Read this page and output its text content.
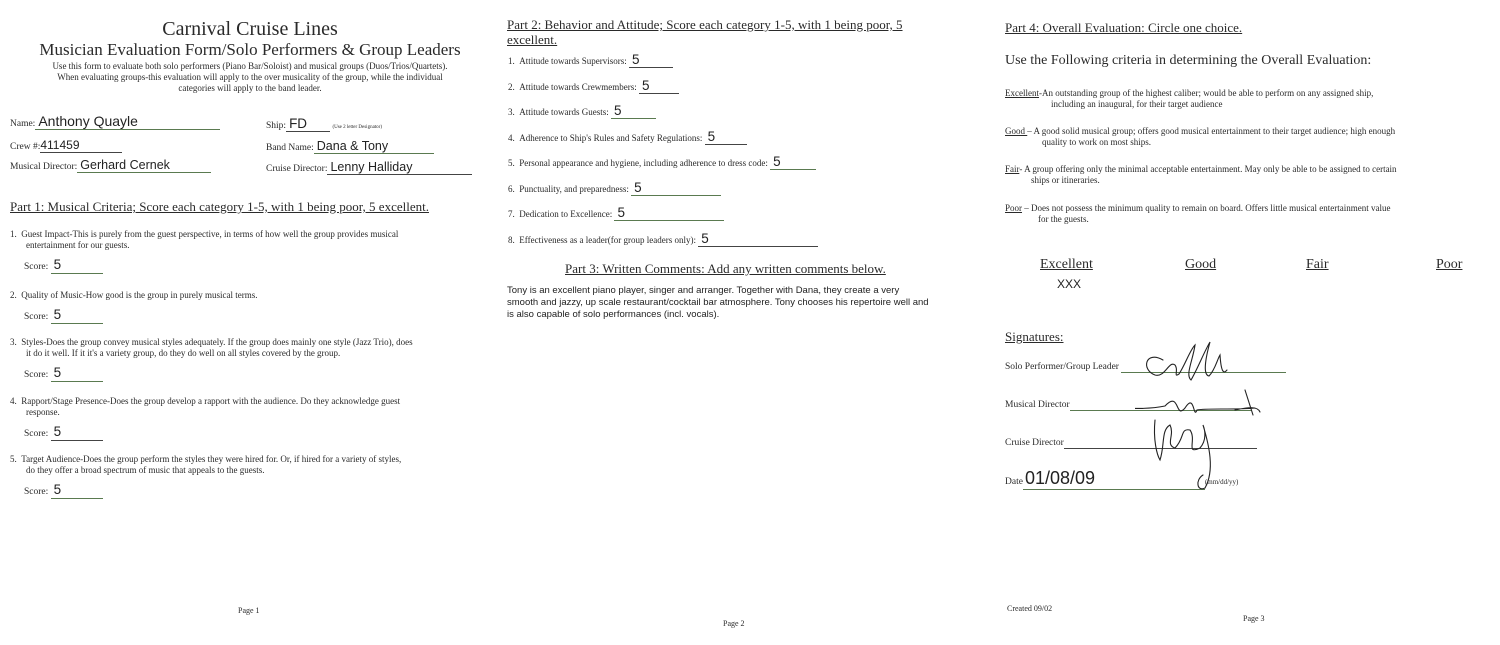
Carnival Cruise Lines
Musician Evaluation Form/Solo Performers & Group Leaders
Use this form to evaluate both solo performers (Piano Bar/Soloist) and musical groups (Duos/Trios/Quartets).
When evaluating groups-this evaluation will apply to the over musicality of the group, while the individual
categories will apply to the band leader.
Name: Anthony Quayle	Ship: FD	(Use 2 letter Designator)
Crew #:411459	Band Name: Dana & Tony
Musical Director: Gerhard Cernek	Cruise Director: Lenny Halliday
Part 1: Musical Criteria; Score each category 1-5, with 1 being poor, 5 excellent.
1. Guest Impact-This is purely from the guest perspective, in terms of how well the group provides musical
entertainment for our guests.
Score: 5
2. Quality of Music-How good is the group in purely musical terms.
Score: 5
3. Styles-Does the group convey musical styles adequately. If the group does mainly one style (Jazz Trio), does
it do it well. If it it's a variety group, do they do well on all styles covered by the group.
Score: 5
4. Rapport/Stage Presence-Does the group develop a rapport with the audience. Do they acknowledge guest
response.
Score: 5
5. Target Audience-Does the group perform the styles they were hired for. Or, if hired for a variety of styles,
do they offer a broad spectrum of music that appeals to the guests.
Score: 5
Page 1
Part 2: Behavior and Attitude; Score each category 1-5, with 1 being poor, 5
excellent.
1. Attitude towards Supervisors: 5
2. Attitude towards Crewmembers: 5
3. Attitude towards Guests: 5
4. Adherence to Ship's Rules and Safety Regulations: 5
5. Personal appearance and hygiene, including adherence to dress code: 5
6. Punctuality, and preparedness: 5
7. Dedication to Excellence: 5
8. Effectiveness as a leader(for group leaders only): 5
Part 3: Written Comments: Add any written comments below.
Tony is an excellent piano player, singer and arranger. Together with Dana, they create a very
smooth and jazzy, up scale restaurant/cocktail bar atmosphere. Tony chooses his repertoire well and
is also capable of solo performances (incl. vocals).
Page 2
Part 4: Overall Evaluation: Circle one choice.
Use the Following criteria in determining the Overall Evaluation:
Excellent-An outstanding group of the highest caliber; would be able to perform on any assigned ship,
including an inaugural, for their target audience
Good – A good solid musical group; offers good musical entertainment to their target audience; high enough
quality to work on most ships.
Fair- A group offering only the minimal acceptable entertainment. May only be able to be assigned to certain
ships or itineraries.
Poor – Does not possess the minimum quality to remain on board. Offers little musical entertainment value
for the guests.
Excellent
XXX
Good	Fair	Poor
Signatures:
Solo Performer/Group Leader
Musical Director
Cruise Director
Date 01/08/09	(mm/dd/yy)
Created 09/02
Page 3
